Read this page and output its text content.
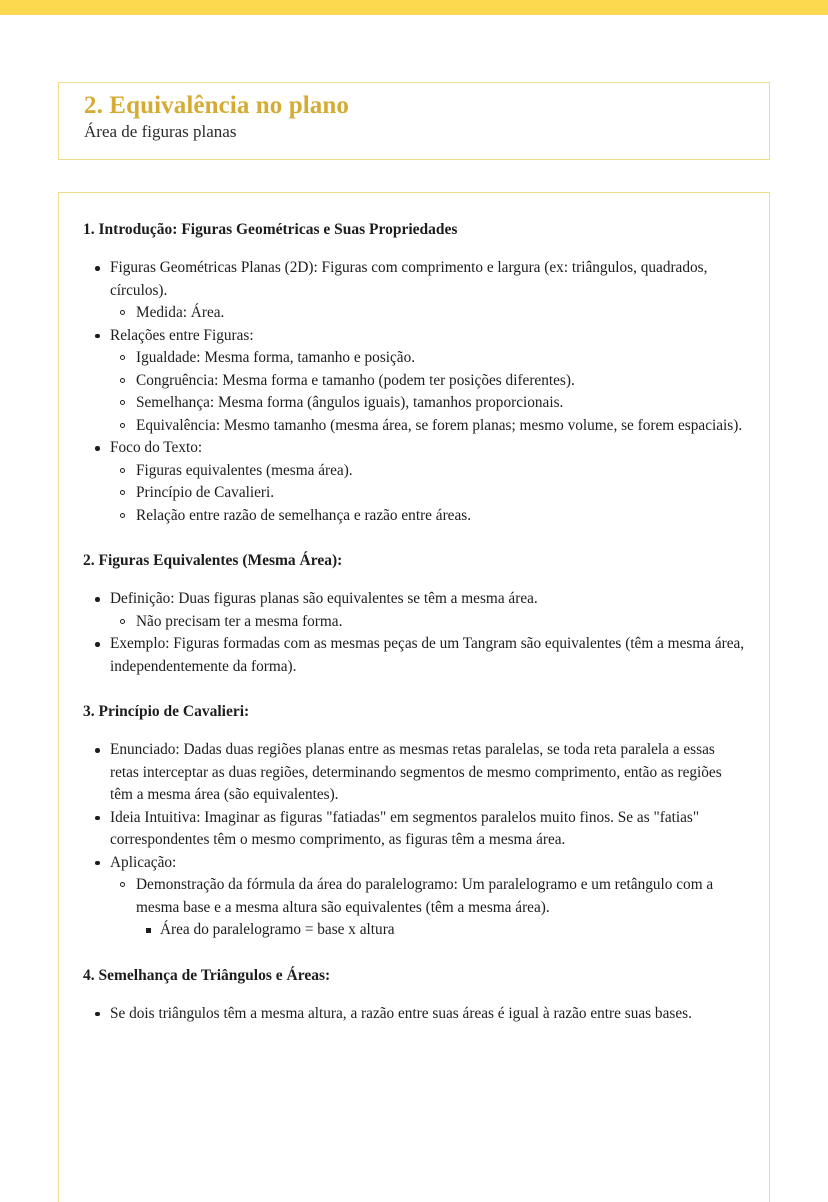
2. Equivalência no plano
Área de figuras planas
1. Introdução: Figuras Geométricas e Suas Propriedades
Figuras Geométricas Planas (2D): Figuras com comprimento e largura (ex: triângulos, quadrados, círculos).
Medida: Área.
Relações entre Figuras:
Igualdade: Mesma forma, tamanho e posição.
Congruência: Mesma forma e tamanho (podem ter posições diferentes).
Semelhança: Mesma forma (ângulos iguais), tamanhos proporcionais.
Equivalência: Mesmo tamanho (mesma área, se forem planas; mesmo volume, se forem espaciais).
Foco do Texto:
Figuras equivalentes (mesma área).
Princípio de Cavalieri.
Relação entre razão de semelhança e razão entre áreas.
2. Figuras Equivalentes (Mesma Área):
Definição: Duas figuras planas são equivalentes se têm a mesma área.
Não precisam ter a mesma forma.
Exemplo: Figuras formadas com as mesmas peças de um Tangram são equivalentes (têm a mesma área, independentemente da forma).
3. Princípio de Cavalieri:
Enunciado: Dadas duas regiões planas entre as mesmas retas paralelas, se toda reta paralela a essas retas interceptar as duas regiões, determinando segmentos de mesmo comprimento, então as regiões têm a mesma área (são equivalentes).
Ideia Intuitiva: Imaginar as figuras "fatiadas" em segmentos paralelos muito finos. Se as "fatias" correspondentes têm o mesmo comprimento, as figuras têm a mesma área.
Aplicação:
Demonstração da fórmula da área do paralelogramo: Um paralelogramo e um retângulo com a mesma base e a mesma altura são equivalentes (têm a mesma área).
Área do paralelogramo = base x altura
4. Semelhança de Triângulos e Áreas:
Se dois triângulos têm a mesma altura, a razão entre suas áreas é igual à razão entre suas bases.
